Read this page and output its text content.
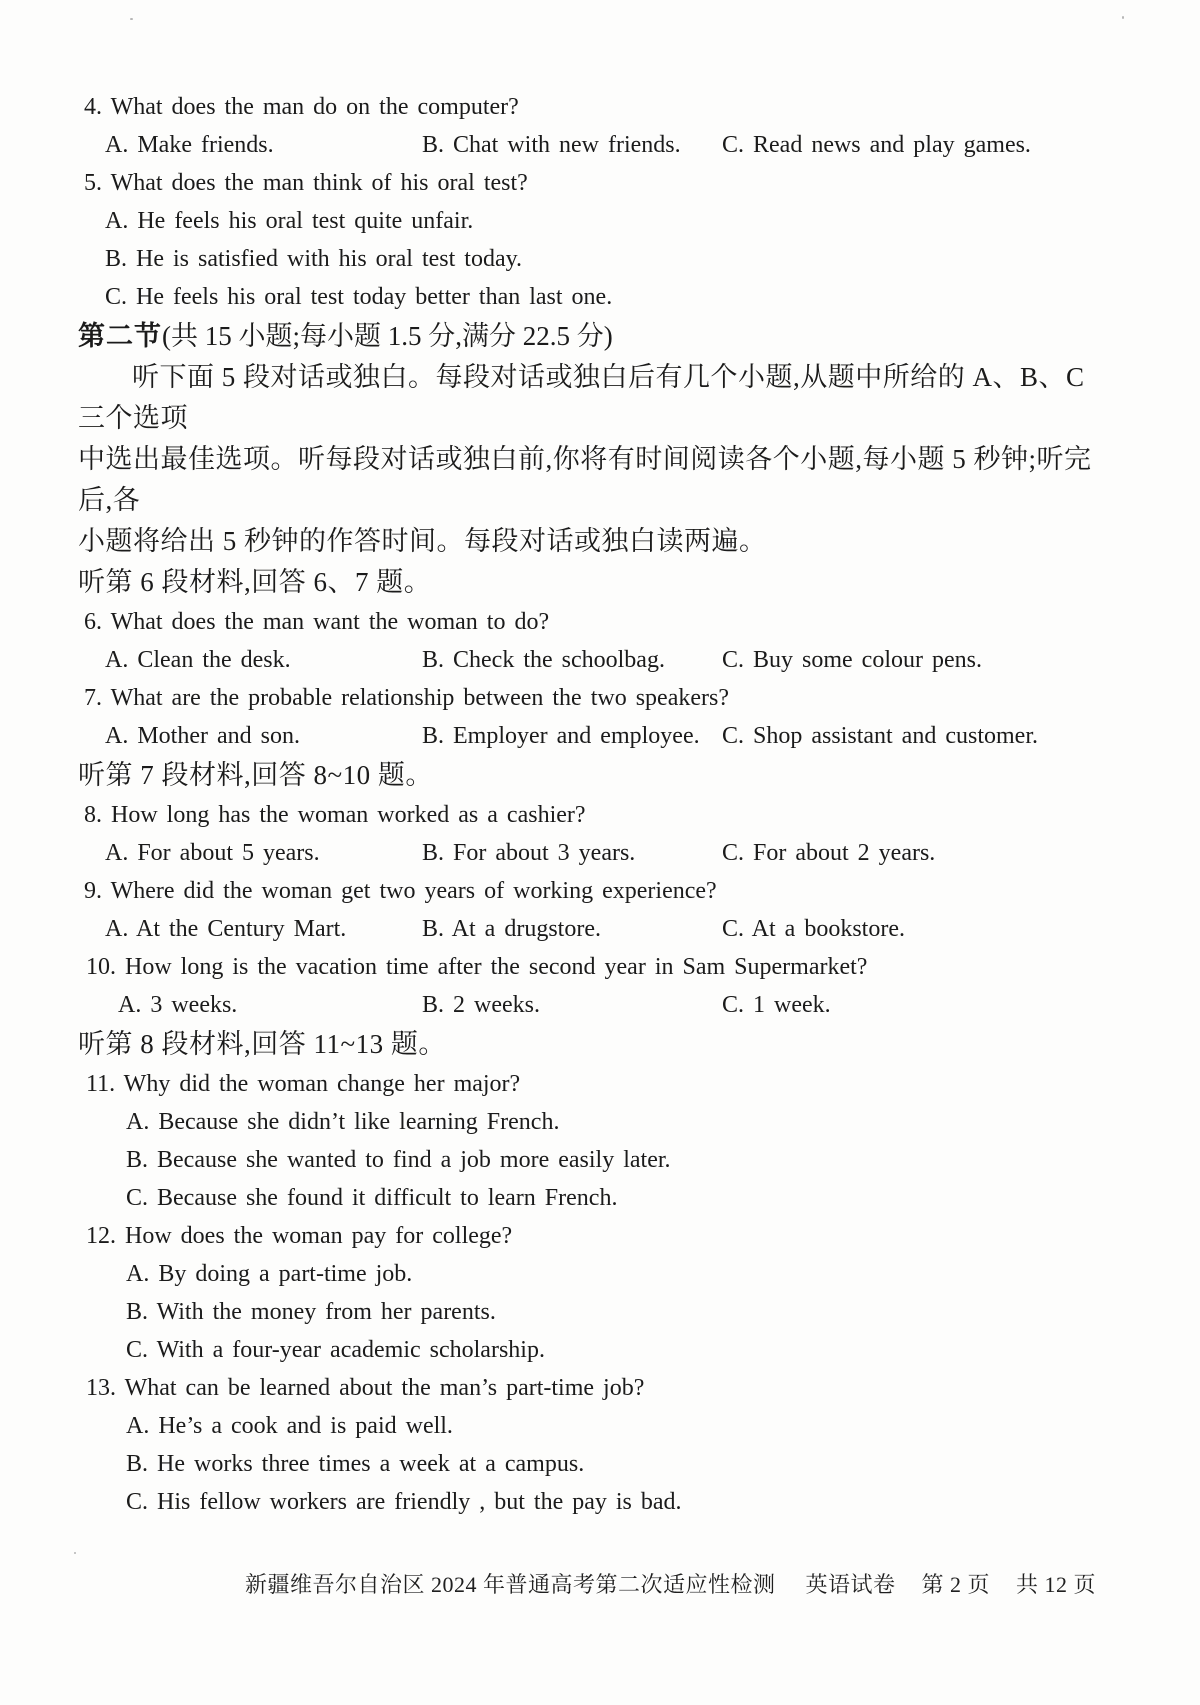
4. What does the man do on the computer?
A. Make friends.	B. Chat with new friends.	C. Read news and play games.
5. What does the man think of his oral test?
A. He feels his oral test quite unfair.
B. He is satisfied with his oral test today.
C. He feels his oral test today better than last one.
第二节(共 15 小题;每小题 1.5 分,满分 22.5 分)
听下面 5 段对话或独白。每段对话或独白后有几个小题,从题中所给的 A、B、C 三个选项
中选出最佳选项。听每段对话或独白前,你将有时间阅读各个小题,每小题 5 秒钟;听完后,各
小题将给出 5 秒钟的作答时间。每段对话或独白读两遍。
听第 6 段材料,回答 6、7 题。
6. What does the man want the woman to do?
A. Clean the desk.	B. Check the schoolbag.	C. Buy some colour pens.
7. What are the probable relationship between the two speakers?
A. Mother and son.	B. Employer and employee. C. Shop assistant and customer.
听第 7 段材料,回答 8~10 题。
8. How long has the woman worked as a cashier?
A. For about 5 years.	B. For about 3 years.	C. For about 2 years.
9. Where did the woman get two years of working experience?
A. At the Century Mart.	B. At a drugstore.	C. At a bookstore.
10. How long is the vacation time after the second year in Sam Supermarket?
A. 3 weeks.	B. 2 weeks.	C. 1 week.
听第 8 段材料,回答 11~13 题。
11. Why did the woman change her major?
A. Because she didn’t like learning French.
B. Because she wanted to find a job more easily later.
C. Because she found it difficult to learn French.
12. How does the woman pay for college?
A. By doing a part-time job.
B. With the money from her parents.
C. With a four-year academic scholarship.
13. What can be learned about the man’s part-time job?
A. He’s a cook and is paid well.
B. He works three times a week at a campus.
C. His fellow workers are friendly , but the pay is bad.
新疆维吾尔自治区 2024 年普通高考第二次适应性检测 英语试卷 第 2 页 共 12 页
